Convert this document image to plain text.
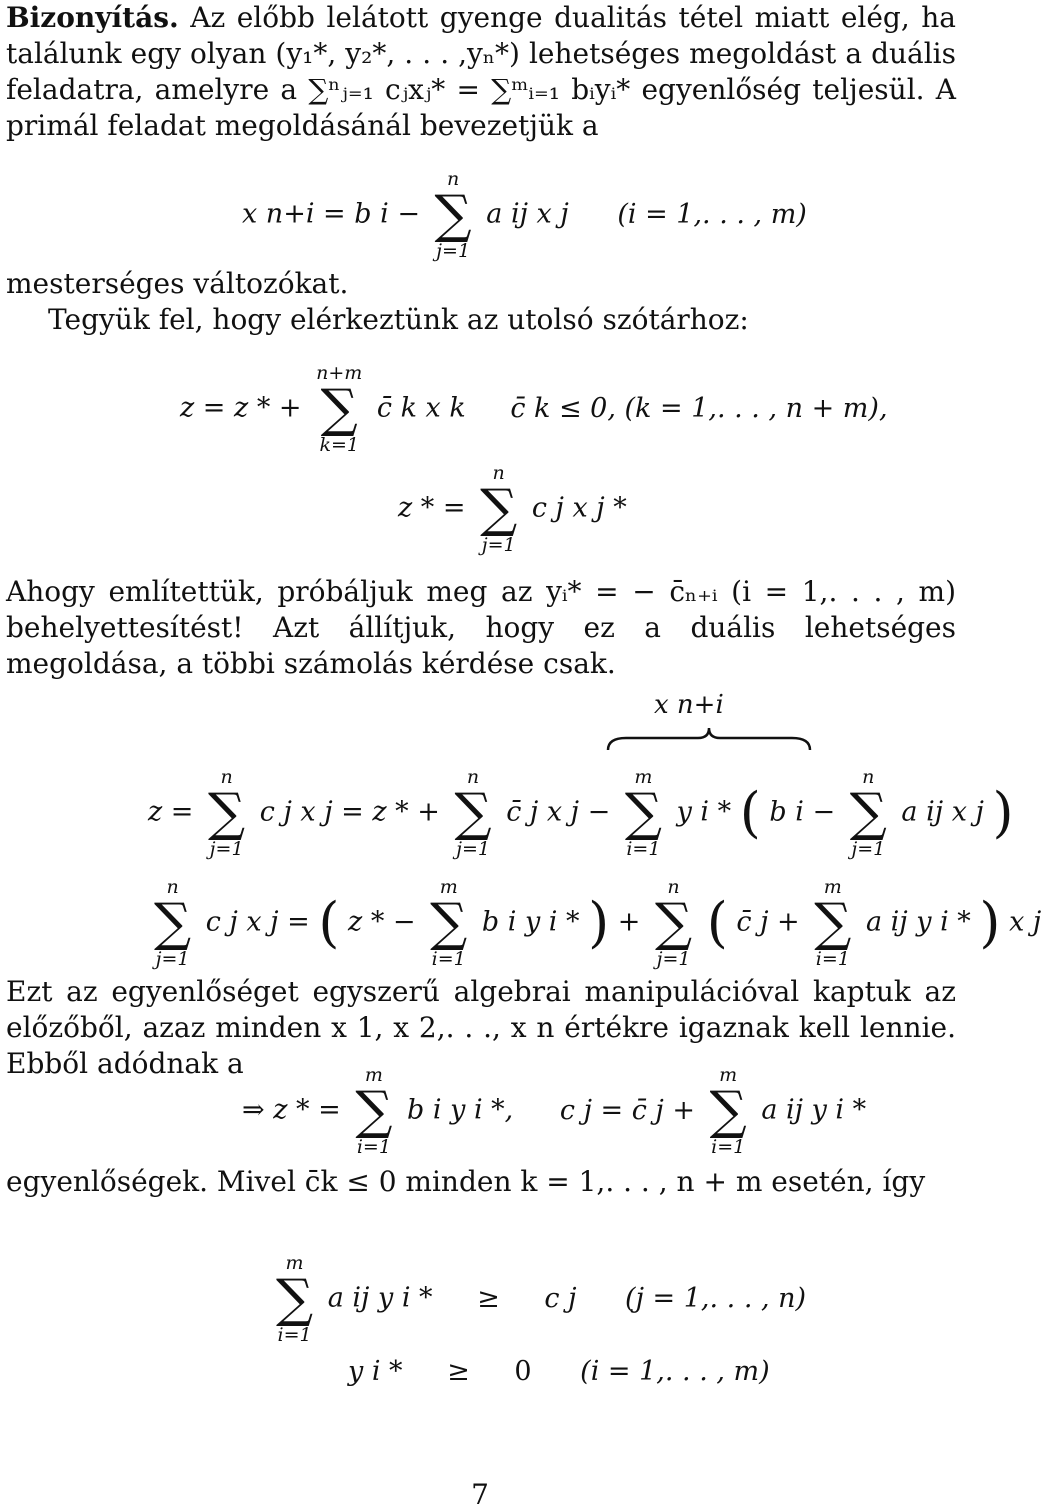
Bizonyítás. Az előbb lelátott gyenge dualitás tétel miatt elég, ha találunk egy olyan (y₁*, y₂*, . . . ,yₙ*) lehetséges megoldást a duális feladatra, amelyre a ∑ⁿⱼ₌₁ cⱼxⱼ* = ∑ᵐᵢ₌₁ bᵢyᵢ* egyenlőség teljesül. A primál feladat megoldásánál bevezetjük a

x n+i = b i −
n
∑
j=1
a ij x j (i = 1,. . . , m)

mesterséges változókat.

Tegyük fel, hogy elérkeztünk az utolsó szótárhoz:

z = z * +
n+m
∑
k=1
c̄ k x k c̄ k ≤ 0, (k = 1,. . . , n + m),
z * =
n
∑
j=1
c j x j *

Ahogy említettük, próbáljuk meg az yᵢ* = − c̄ₙ₊ᵢ (i = 1,. . . , m) behelyettesítést! Azt állítjuk, hogy ez a duális lehetséges megoldása, a többi számolás kérdése csak.

x n+i
z =
n
∑
j=1
c j x j = z * +
n
∑
j=1
c̄ j x j −
m
∑
i=1
y i * ( b i −
n
∑
j=1
a ij x j )
n
∑
j=1
c j x j = ( z * −
m
∑
i=1
b i y i * ) +
n
∑
j=1
( c̄ j +
m
∑
i=1
a ij y i * ) x j

Ezt az egyenlőséget egyszerű algebrai manipulációval kaptuk az előzőből, azaz minden x 1, x 2,. . ., x n értékre igaznak kell lennie. Ebből adódnak a

⇒ z * =
m
∑
i=1
b i y i *, c j = c̄ j +
m
∑
i=1
a ij y i *

egyenlőségek. Mivel c̄k ≤ 0 minden k = 1,. . . , n + m esetén, így

m
∑
i=1
a ij y i * ≥ c j (j = 1,. . . , n)
y i * ≥ 0 (i = 1,. . . , m)
7
